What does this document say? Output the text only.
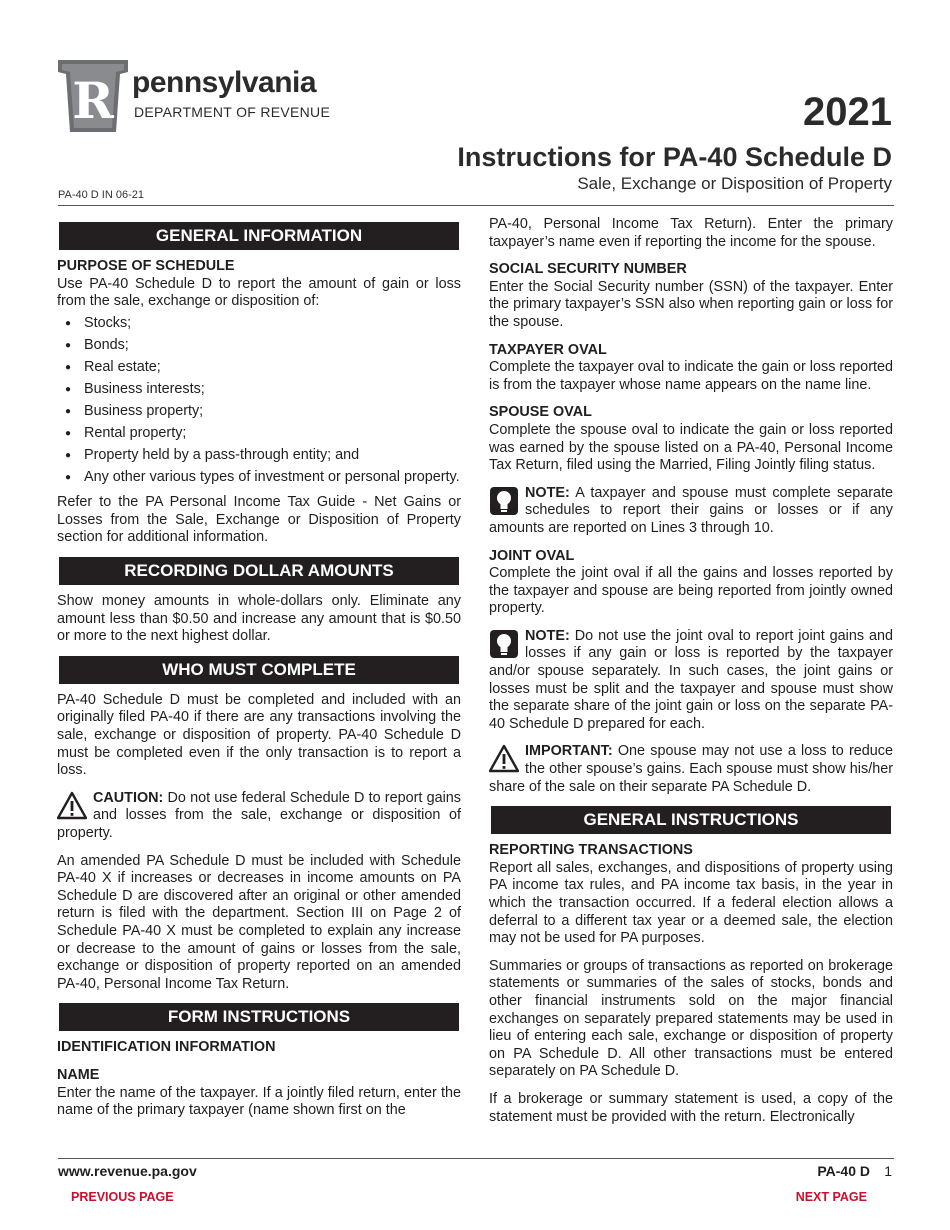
R pennsylvania
DEPARTMENT OF REVENUE	2021
Instructions for PA-40 Schedule D
Sale, Exchange or Disposition of Property
PA-40 D IN 06-21
GENERAL INFORMATION
PURPOSE OF SCHEDULE

Use PA-40 Schedule D to report the amount of gain or loss from the sale, exchange or disposition of:

● Stocks;
● Bonds;
● Real estate;
● Business interests;
● Business property;
● Rental property;
● Property held by a pass-through entity; and
● Any other various types of investment or personal property.

Refer to the PA Personal Income Tax Guide - Net Gains or Losses from the Sale, Exchange or Disposition of Property section for additional information.

RECORDING DOLLAR AMOUNTS

Show money amounts in whole-dollars only. Eliminate any amount less than $0.50 and increase any amount that is $0.50 or more to the next highest dollar.

WHO MUST COMPLETE

PA-40 Schedule D must be completed and included with an originally filed PA-40 if there are any transactions involving the sale, exchange or disposition of property. PA-40 Schedule D must be completed even if the only transaction is to report a loss.

CAUTION: Do not use federal Schedule D to report gains and losses from the sale, exchange or disposition of property.

An amended PA Schedule D must be included with Schedule PA-40 X if increases or decreases in income amounts on PA Schedule D are discovered after an original or other amended return is filed with the department. Section III on Page 2 of Schedule PA-40 X must be completed to explain any increase or decrease to the amount of gains or losses from the sale, exchange or disposition of property reported on an amended PA-40, Personal Income Tax Return.

FORM INSTRUCTIONS
IDENTIFICATION INFORMATION
NAME

Enter the name of the taxpayer. If a jointly filed return, enter the name of the primary taxpayer (name shown first on the

PA-40, Personal Income Tax Return). Enter the primary taxpayer’s name even if reporting the income for the spouse.

SOCIAL SECURITY NUMBER

Enter the Social Security number (SSN) of the taxpayer. Enter the primary taxpayer’s SSN also when reporting gain or loss for the spouse.

TAXPAYER OVAL

Complete the taxpayer oval to indicate the gain or loss reported is from the taxpayer whose name appears on the name line.

SPOUSE OVAL

Complete the spouse oval to indicate the gain or loss reported was earned by the spouse listed on a PA-40, Personal Income Tax Return, filed using the Married, Filing Jointly filing status.

NOTE: A taxpayer and spouse must complete separate schedules to report their gains or losses or if any amounts are reported on Lines 3 through 10.
JOINT OVAL

Complete the joint oval if all the gains and losses reported by the taxpayer and spouse are being reported from jointly owned property.

NOTE: Do not use the joint oval to report joint gains and losses if any gain or loss is reported by the taxpayer and/or spouse separately. In such cases, the joint gains or losses must be split and the taxpayer and spouse must show the separate share of the joint gain or loss on the separate PA-40 Schedule D prepared for each.
IMPORTANT: One spouse may not use a loss to reduce the other spouse’s gains. Each spouse must show his/her share of the sale on their separate PA Schedule D.
GENERAL INSTRUCTIONS
REPORTING TRANSACTIONS

Report all sales, exchanges, and dispositions of property using PA income tax rules, and PA income tax basis, in the year in which the transaction occurred. If a federal election allows a deferral to a different tax year or a deemed sale, the election may not be used for PA purposes.

Summaries or groups of transactions as reported on brokerage statements or summaries of the sales of stocks, bonds and other financial instruments sold on the major financial exchanges on separately prepared statements may be used in lieu of entering each sale, exchange or disposition of property on PA Schedule D. All other transactions must be entered separately on PA Schedule D.

If a brokerage or summary statement is used, a copy of the statement must be provided with the return. Electronically

www.revenue.pa.gov	PA-40 D 1
PREVIOUS PAGE	NEXT PAGE
